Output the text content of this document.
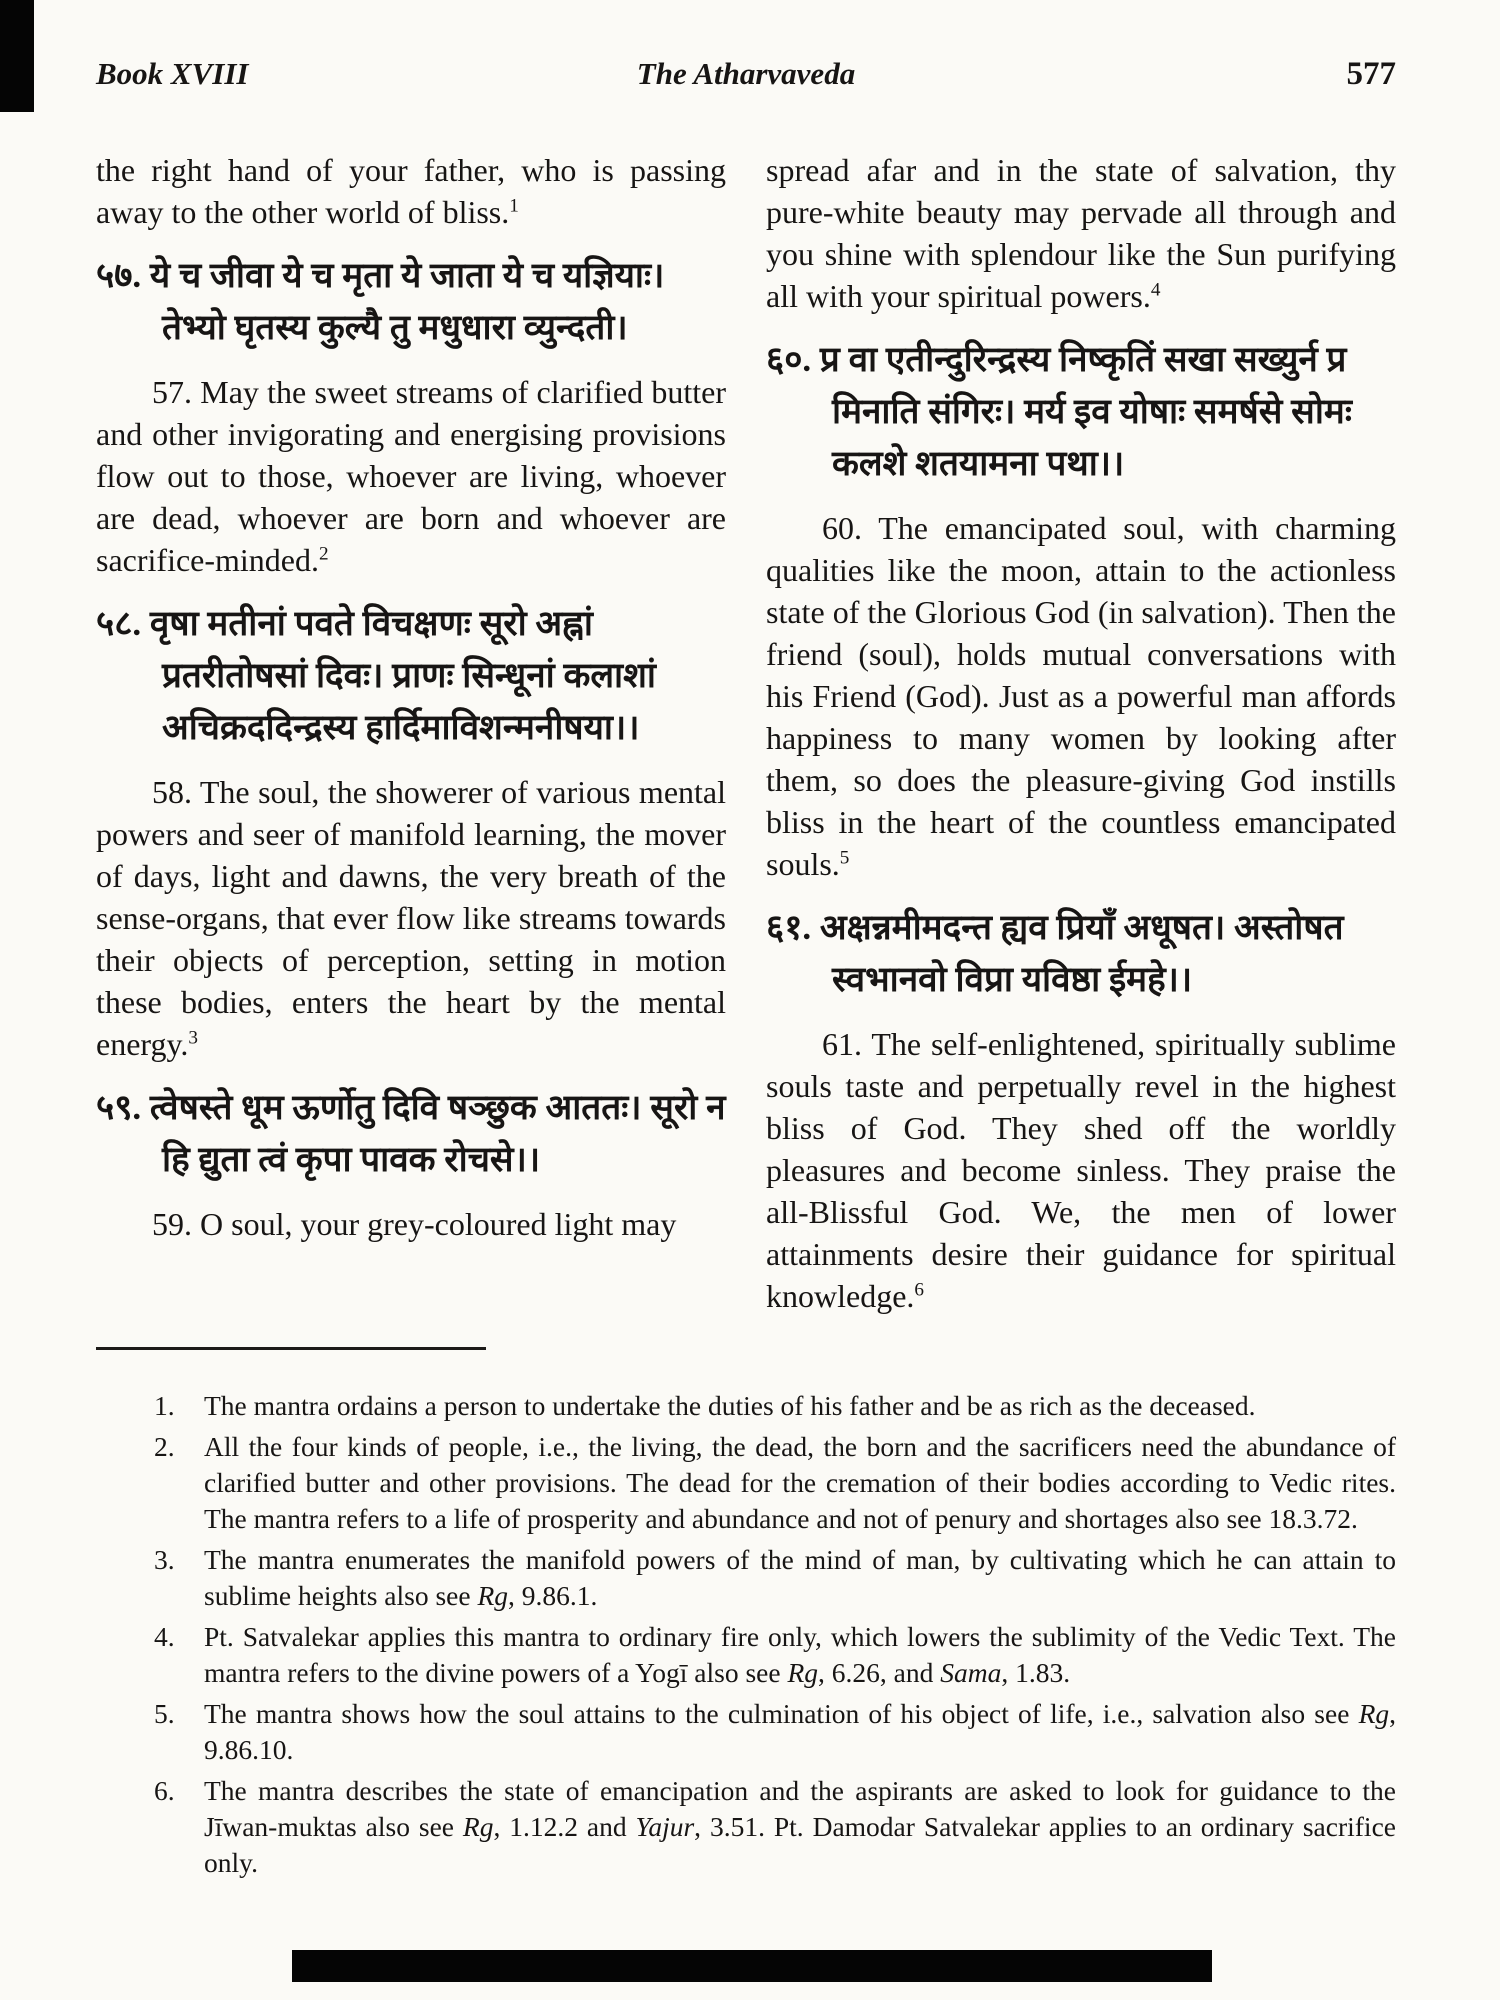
Book XVIII	The Atharvaveda	577

the right hand of your father, who is passing away to the other world of bliss.$^1$

५७. ये च जीवा ये च मृता ये जाता ये च यज्ञियाः। तेभ्यो घृतस्य कुल्यै तु मधुधारा व्युन्दती।

57. May the sweet streams of clarified butter and other invigorating and energising provisions flow out to those, whoever are living, whoever are dead, whoever are born and whoever are sacrifice-minded.$^2$

५८. वृषा मतीनां पवते विचक्षणः सूरो अह्नां प्रतरीतोषसां दिवः। प्राणः सिन्धूनां कलाशां अचिक्रददिन्द्रस्य हार्दिमाविशन्मनीषया।।

58. The soul, the showerer of various mental powers and seer of manifold learning, the mover of days, light and dawns, the very breath of the sense-organs, that ever flow like streams towards their objects of perception, setting in motion these bodies, enters the heart by the mental energy.$^3$

५९. त्वेषस्ते धूम ऊर्णोतु दिवि षञ्छुक आततः। सूरो न हि द्युता त्वं कृपा पावक रोचसे।।

59. O soul, your grey-coloured light may

spread afar and in the state of salvation, thy pure-white beauty may pervade all through and you shine with splendour like the Sun purifying all with your spiritual powers.$^4$

६०. प्र वा एतीन्दुरिन्द्रस्य निष्कृतिं सखा सख्युर्न प्र मिनाति संगिरः। मर्य इव योषाः समर्षसे सोमः कलशे शतयामना पथा।।

60. The emancipated soul, with charming qualities like the moon, attain to the actionless state of the Glorious God (in salvation). Then the friend (soul), holds mutual conversations with his Friend (God). Just as a powerful man affords happiness to many women by looking after them, so does the pleasure-giving God instills bliss in the heart of the countless emancipated souls.$^5$

६१. अक्षन्नमीमदन्त ह्यव प्रियाँ अधूषत। अस्तोषत स्वभानवो विप्रा यविष्ठा ईमहे।।

61. The self-enlightened, spiritually sublime souls taste and perpetually revel in the highest bliss of God. They shed off the worldly pleasures and become sinless. They praise the all-Blissful God. We, the men of lower attainments desire their guidance for spiritual knowledge.$^6$

1.	The mantra ordains a person to undertake the duties of his father and be as rich as the deceased.
2.	All the four kinds of people, i.e., the living, the dead, the born and the sacrificers need the abundance of clarified butter and other provisions. The dead for the cremation of their bodies according to Vedic rites. The mantra refers to a life of prosperity and abundance and not of penury and shortages also see 18.3.72.
3.	The mantra enumerates the manifold powers of the mind of man, by cultivating which he can attain to sublime heights also see Rg, 9.86.1.
4.	Pt. Satvalekar applies this mantra to ordinary fire only, which lowers the sublimity of the Vedic Text. The mantra refers to the divine powers of a Yogī also see Rg, 6.26, and Sama, 1.83.
5.	The mantra shows how the soul attains to the culmination of his object of life, i.e., salvation also see Rg, 9.86.10.
6.	The mantra describes the state of emancipation and the aspirants are asked to look for guidance to the Jīwan-muktas also see Rg, 1.12.2 and Yajur, 3.51. Pt. Damodar Satvalekar applies to an ordinary sacrifice only.
